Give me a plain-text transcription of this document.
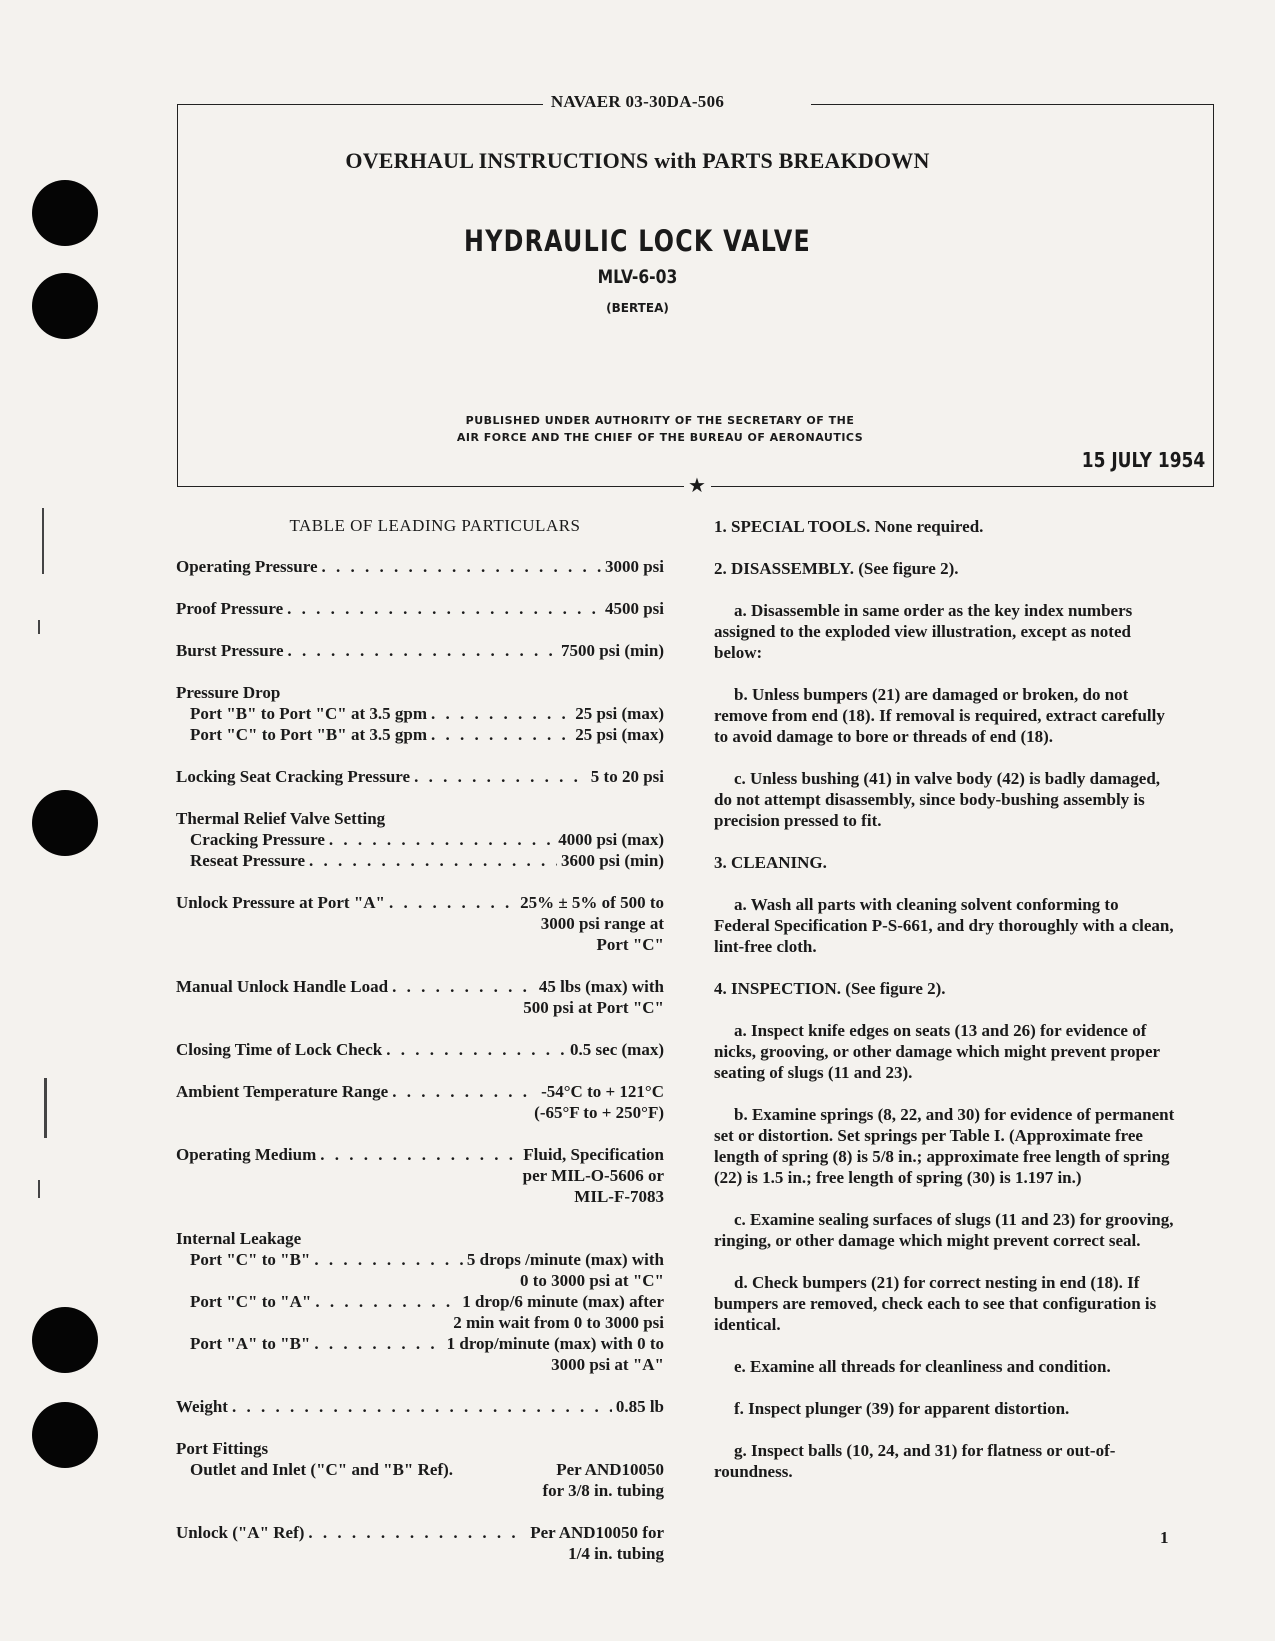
NAVAER 03-30DA-506
★
OVERHAUL INSTRUCTIONS with PARTS BREAKDOWN
HYDRAULIC LOCK VALVE
MLV-6-03
(BERTEA)
PUBLISHED UNDER AUTHORITY OF THE SECRETARY OF THE
AIR FORCE AND THE CHIEF OF THE BUREAU OF AERONAUTICS
15 JULY 1954
TABLE OF LEADING PARTICULARS
Operating Pressure . . .	3000 psi
Proof Pressure . . .	4500 psi
Burst Pressure . . .	7500 psi (min)
Pressure Drop
Port "B" to Port "C" at 3.5 gpm . . .	25 psi (max)
Port "C" to Port "B" at 3.5 gpm . . .	25 psi (max)
Locking Seat Cracking Pressure . . .	5 to 20 psi
Thermal Relief Valve Setting
Cracking Pressure . . .	4000 psi (max)
Reseat Pressure . . .	3600 psi (min)
Unlock Pressure at Port "A" . . .	25% ± 5% of 500 to
3000 psi range at
Port "C"
Manual Unlock Handle Load . . .	45 lbs (max) with
500 psi at Port "C"
Closing Time of Lock Check . . .	0.5 sec (max)
Ambient Temperature Range . . .	-54°C to + 121°C
(-65°F to + 250°F)
Operating Medium . . .	Fluid, Specification
per MIL-O-5606 or
MIL-F-7083
Internal Leakage
Port "C" to "B" . . .	5 drops /minute (max) with
0 to 3000 psi at "C"
Port "C" to "A" . . .	1 drop/6 minute (max) after
2 min wait from 0 to 3000 psi
Port "A" to "B" . . .	1 drop/minute (max) with 0 to
3000 psi at "A"
Weight . . .	0.85 lb
Port Fittings
Outlet and Inlet ("C" and "B" Ref).	Per AND10050
for 3/8 in. tubing
Unlock ("A" Ref) . . .	Per AND10050 for
1/4 in. tubing
1. SPECIAL TOOLS. None required.
2. DISASSEMBLY. (See figure 2).
a. Disassemble in same order as the key index numbers assigned to the exploded view illustration, except as noted below:
b. Unless bumpers (21) are damaged or broken, do not remove from end (18). If removal is required, extract carefully to avoid damage to bore or threads of end (18).
c. Unless bushing (41) in valve body (42) is badly damaged, do not attempt disassembly, since body-bushing assembly is precision pressed to fit.
3. CLEANING.
a. Wash all parts with cleaning solvent conforming to Federal Specification P-S-661, and dry thoroughly with a clean, lint-free cloth.
4. INSPECTION. (See figure 2).
a. Inspect knife edges on seats (13 and 26) for evidence of nicks, grooving, or other damage which might prevent proper seating of slugs (11 and 23).
b. Examine springs (8, 22, and 30) for evidence of permanent set or distortion. Set springs per Table I. (Approximate free length of spring (8) is 5/8 in.; approximate free length of spring (22) is 1.5 in.; free length of spring (30) is 1.197 in.)
c. Examine sealing surfaces of slugs (11 and 23) for grooving, ringing, or other damage which might prevent correct seal.
d. Check bumpers (21) for correct nesting in end (18). If bumpers are removed, check each to see that configuration is identical.
e. Examine all threads for cleanliness and condition.
f. Inspect plunger (39) for apparent distortion.
g. Inspect balls (10, 24, and 31) for flatness or out-of-roundness.
1
